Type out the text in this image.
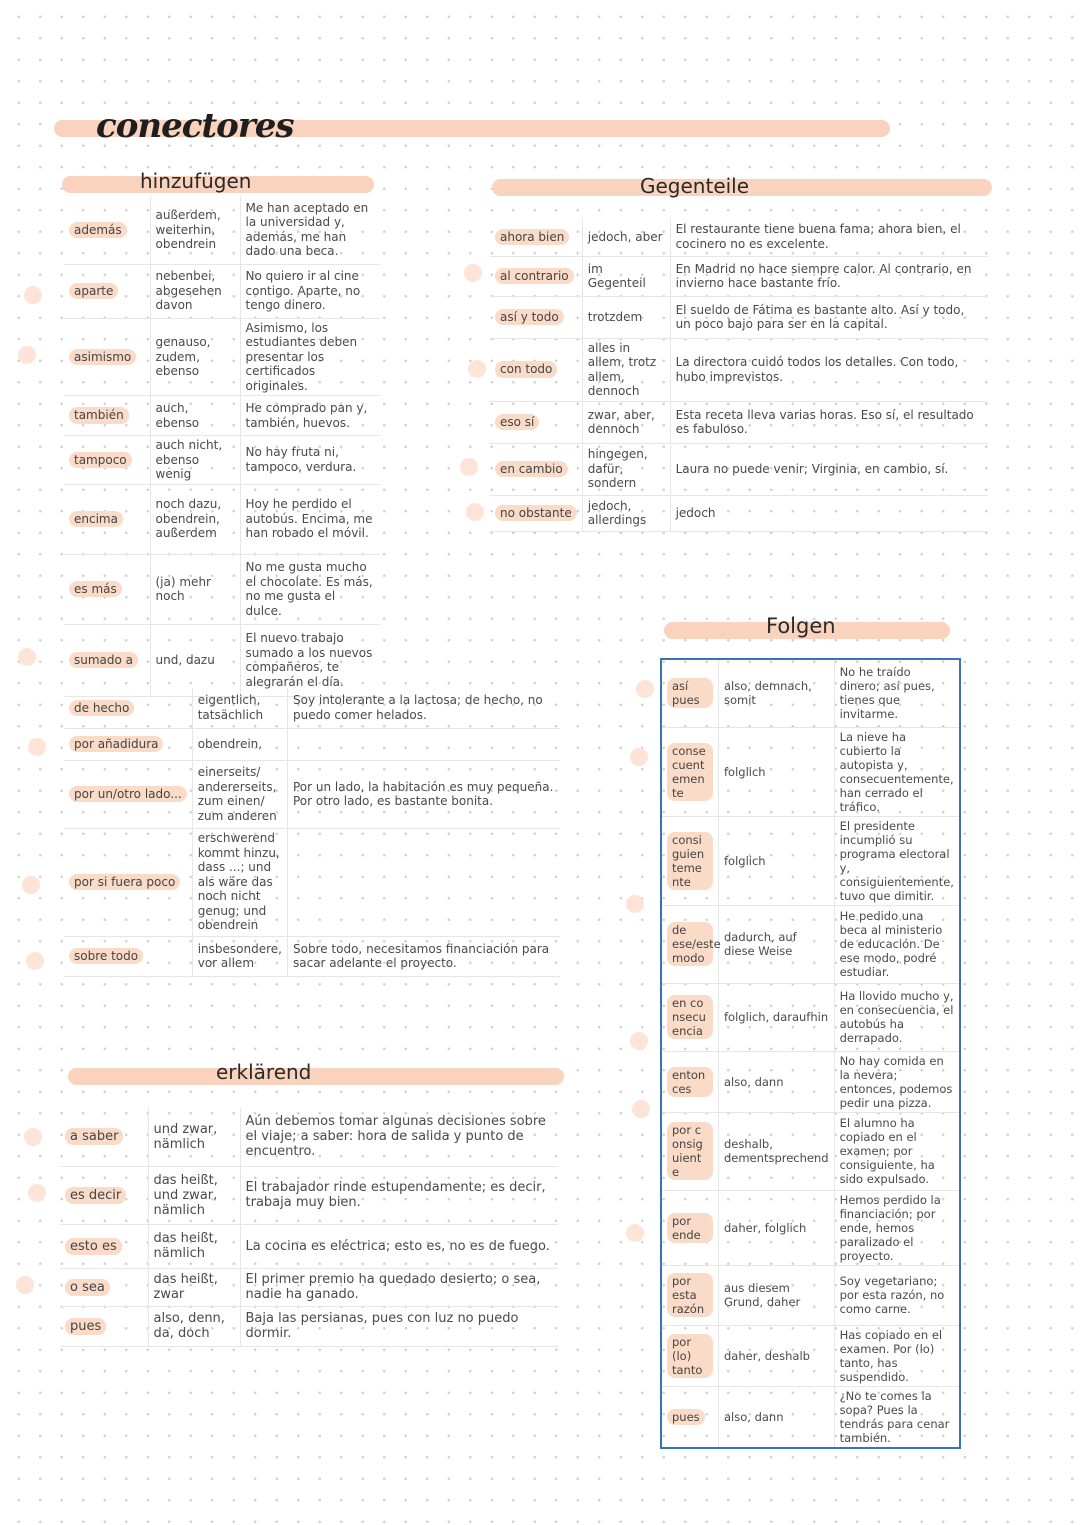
conectores
hinzufügen	Gegenteile
Folgen
erklärend
además	außerdem, weiterhin, obendrein	Me han aceptado en la universidad y, además, me han dado una beca.
aparte	nebenbei, abgesehen davon	No quiero ir al cine contigo. Aparte, no tengo dinero.
asimismo	genauso, zudem, ebenso	Asimismo, los estudiantes deben presentar los certificados originales.
también	auch, ebenso	He comprado pan y, también, huevos.
tampoco	auch nicht, ebenso wenig	No hay fruta ni, tampoco, verdura.
encima	noch dazu, obendrein, außerdem	Hoy he perdido el autobús. Encima, me han robado el móvil.
es más	(ja) mehr noch	No me gusta mucho el chocolate. Es más, no me gusta el dulce.
sumado a	und, dazu	El nuevo trabajo sumado a los nuevos compañeros, te alegrarán el día.
de hecho	eigentlich, tatsächlich	Soy intolerante a la lactosa; de hecho, no puedo comer helados.
por añadidura	obendrein,	
por un/otro lado...	einerseits/ andererseits, zum einen/ zum anderen	Por un lado, la habitación es muy pequeña. Por otro lado, es bastante bonita.
por si fuera poco	erschwerend kommt hinzu, dass ...; und als wäre das noch nicht genug; und obendrein	
sobre todo	insbesondere, vor allem	Sobre todo, necesitamos financiación para sacar adelante el proyecto.
ahora bien	jedoch, aber	El restaurante tiene buena fama; ahora bien, el cocinero no es excelente.
al contrario	im Gegenteil	En Madrid no hace siempre calor. Al contrario, en invierno hace bastante frío.
así y todo	trotzdem	El sueldo de Fátima es bastante alto. Así y todo, un poco bajo para ser en la capital.
con todo	alles in allem, trotz allem, dennoch	La directora cuidó todos los detalles. Con todo, hubo imprevistos.
eso sí	zwar, aber, dennoch	Esta receta lleva varias horas. Eso sí, el resultado es fabuloso.
en cambio	hingegen, dafür, sondern	Laura no puede venir; Virginia, en cambio, sí.
no obstante	jedoch, allerdings	jedoch
así pues	also, demnach, somit	No he traído dinero; así pues, tienes que invitarme.
consecuentemente	folglich	La nieve ha cubierto la autopista y, consecuentemente, han cerrado el tráfico.
consiguientemente	folglich	El presidente incumplió su programa electoral y, consiguientemente, tuvo que dimitir.
de ese/este modo	dadurch, auf diese Weise	He pedido una beca al ministerio de educación. De ese modo, podré estudiar.
en consecuencia	folglich, daraufhin	Ha llovido mucho y, en consecuencia, el autobús ha derrapado.
entonces	also, dann	No hay comida en la nevera; entonces, podemos pedir una pizza.
por consiguiente	deshalb, dementsprechend	El alumno ha copiado en el examen; por consiguiente, ha sido expulsado.
por ende	daher, folglich	Hemos perdido la financiación; por ende, hemos paralizado el proyecto.
por esta razón	aus diesem Grund, daher	Soy vegetariano; por esta razón, no como carne.
por (lo) tanto	daher, deshalb	Has copiado en el examen. Por (lo) tanto, has suspendido.
pues	also, dann	¿No te comes la sopa? Pues la tendrás para cenar también.
a saber	und zwar, nämlich	Aún debemos tomar algunas decisiones sobre el viaje; a saber: hora de salida y punto de encuentro.
es decir	das heißt, und zwar, nämlich	El trabajador rinde estupendamente; es decir, trabaja muy bien.
esto es	das heißt, nämlich	La cocina es eléctrica; esto es, no es de fuego.
o sea	das heißt, zwar	El primer premio ha quedado desierto; o sea, nadie ha ganado.
pues	also, denn, da, doch	Baja las persianas, pues con luz no puedo dormir.
